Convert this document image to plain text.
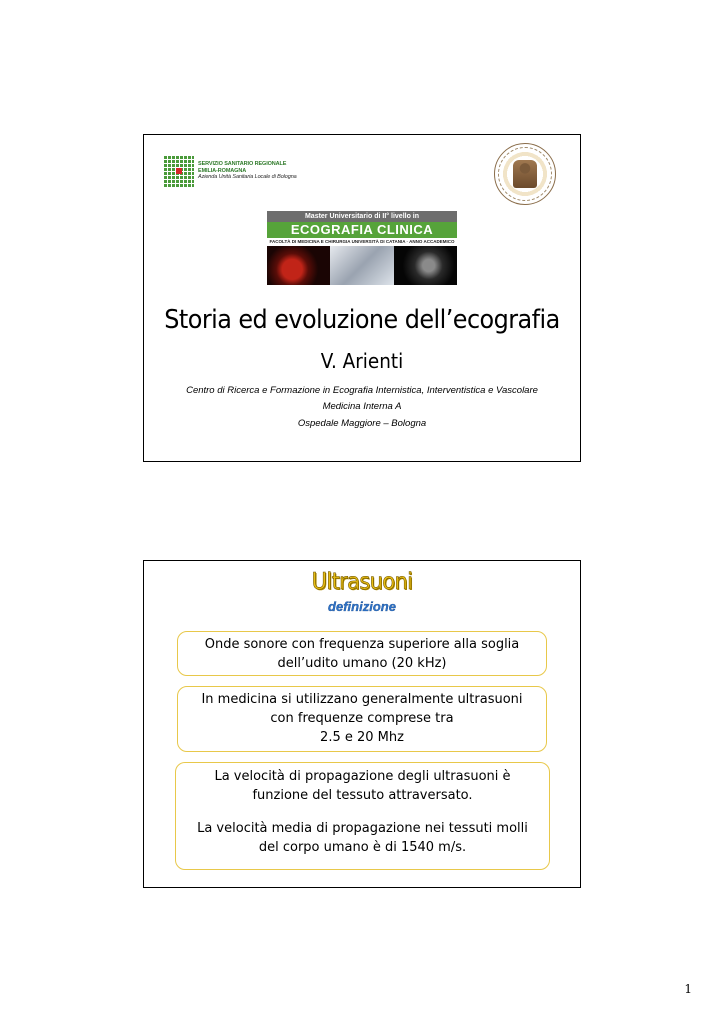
SERVIZIO SANITARIO REGIONALE
EMILIA-ROMAGNA
Azienda Unità Sanitaria Locale di Bologna
Master Universitario di II° livello in
ECOGRAFIA CLINICA
FACOLTÀ DI MEDICINA E CHIRURGIA UNIVERSITÀ DI CATANIA · ANNO ACCADEMICO
Storia ed evoluzione dell’ecografia
V. Arienti
Centro di Ricerca e Formazione in Ecografia Internistica, Interventistica e Vascolare
Medicina Interna A
Ospedale Maggiore – Bologna
Ultrasuoni
definizione
Onde sonore con frequenza superiore alla soglia
dell’udito umano (20 kHz)
In medicina si utilizzano generalmente ultrasuoni
con frequenze comprese tra
2.5 e 20 Mhz
La velocità di propagazione degli ultrasuoni è
funzione del tessuto attraversato.
La velocità media di propagazione nei tessuti molli
del corpo umano è di 1540 m/s.
1
